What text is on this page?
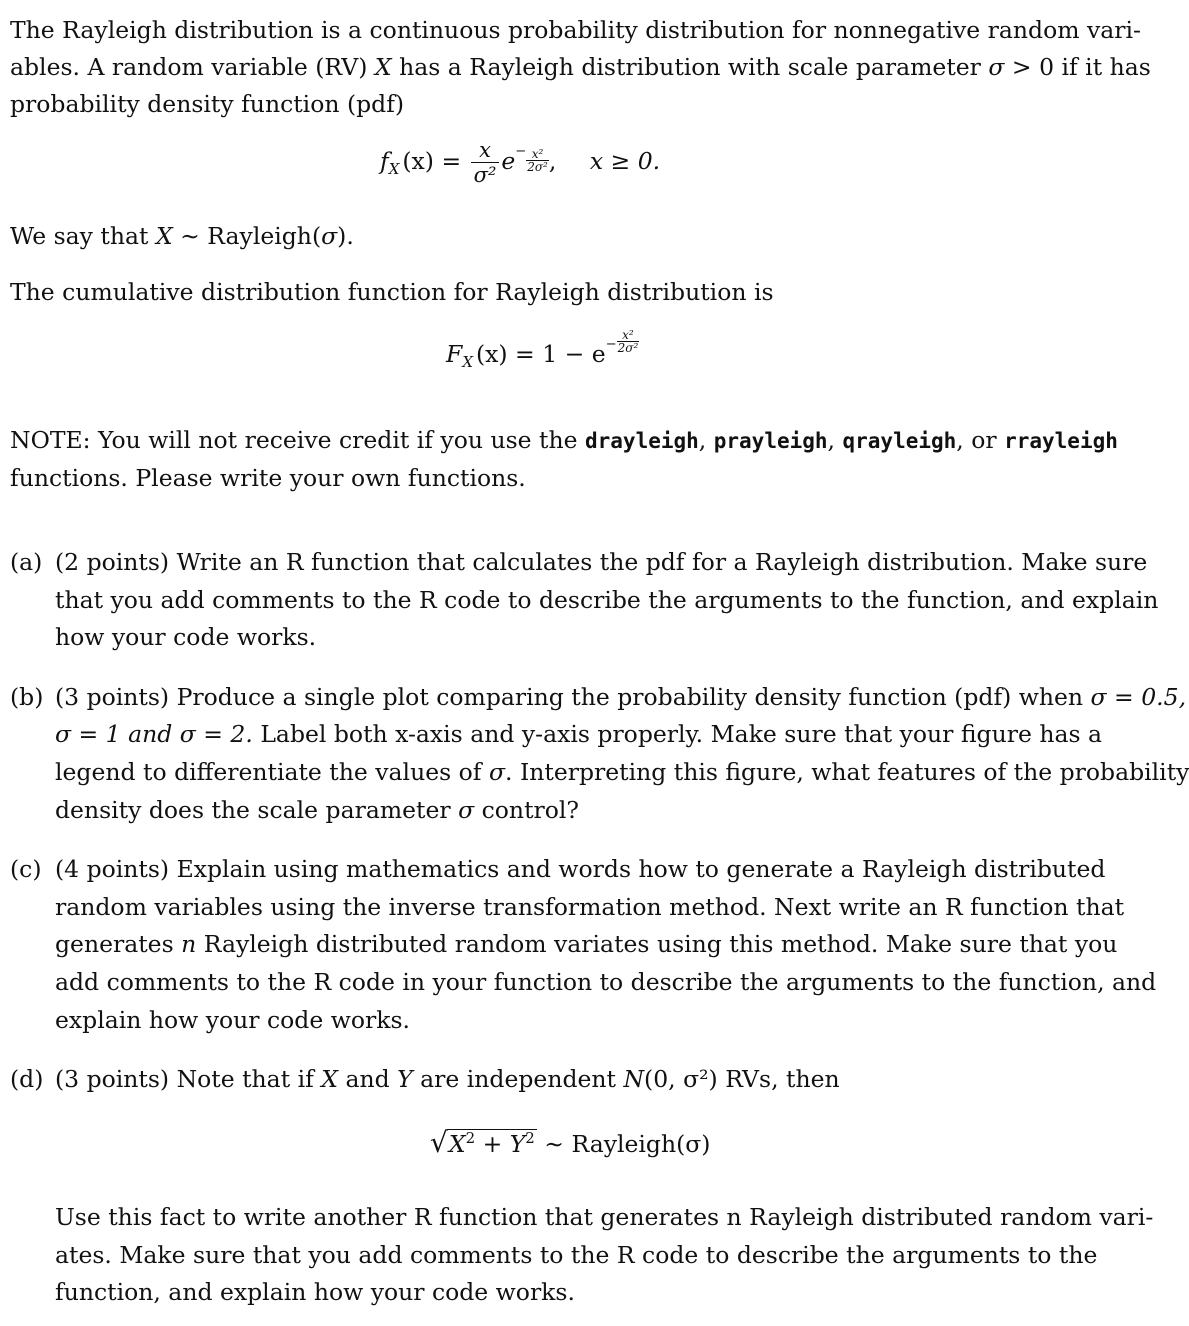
The Rayleigh distribution is a continuous probability distribution for nonnegative random vari-
ables. A random variable (RV) X has a Rayleigh distribution with scale parameter σ > 0 if it has
probability density function (pdf)
$f_X$ $(x) = \frac{x}{\text{σ²}} e^{- \frac{\text{x²}}{\text{2σ²}}}$ , x ≥ 0.
We say that X ∼ Rayleigh(σ).
The cumulative distribution function for Rayleigh distribution is
$F_X$ $(x) = 1 - e^{- \frac{\text{x²}}{\text{2σ²}}}$
NOTE: You will not receive credit if you use the drayleigh, prayleigh, qrayleigh, or rrayleigh
functions. Please write your own functions.
(a) (2 points) Write an R function that calculates the pdf for a Rayleigh distribution. Make sure
that you add comments to the R code to describe the arguments to the function, and explain
how your code works.
(b) (3 points) Produce a single plot comparing the probability density function (pdf) when σ = 0.5,
σ = 1 and σ = 2. Label both x-axis and y-axis properly. Make sure that your figure has a
legend to differentiate the values of σ. Interpreting this figure, what features of the probability
density does the scale parameter σ control?
(c) (4 points) Explain using mathematics and words how to generate a Rayleigh distributed
random variables using the inverse transformation method. Next write an R function that
generates n Rayleigh distributed random variates using this method. Make sure that you
add comments to the R code in your function to describe the arguments to the function, and
explain how your code works.
(d) (3 points) Note that if X and Y are independent N(0, σ²) RVs, then
$√X^2 + Y^2$ ∼ Rayleigh(σ)
Use this fact to write another R function that generates n Rayleigh distributed random vari-
ates. Make sure that you add comments to the R code to describe the arguments to the
function, and explain how your code works.
